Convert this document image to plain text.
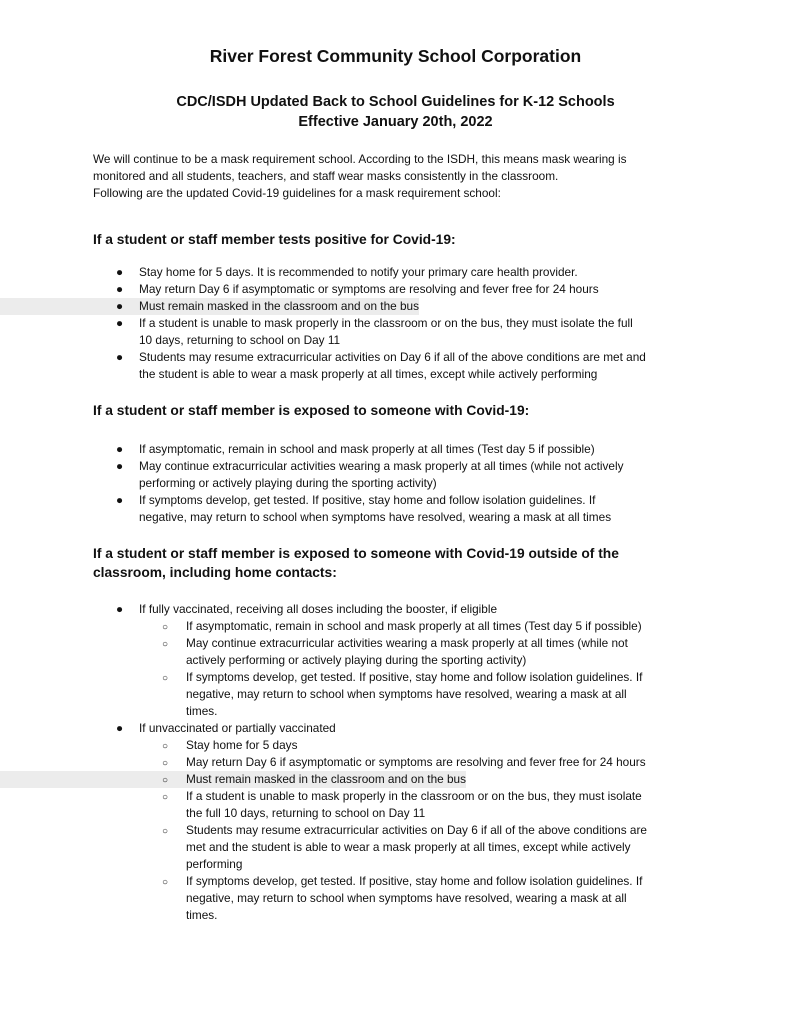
River Forest Community School Corporation
CDC/ISDH Updated Back to School Guidelines for K-12 Schools
Effective January 20th, 2022
We will continue to be a mask requirement school. According to the ISDH, this means mask wearing is
monitored and all students, teachers, and staff wear masks consistently in the classroom.
Following are the updated Covid-19 guidelines for a mask requirement school:
If a student or staff member tests positive for Covid-19:
● Stay home for 5 days. It is recommended to notify your primary care health provider.
● May return Day 6 if asymptomatic or symptoms are resolving and fever free for 24 hours
● Must remain masked in the classroom and on the bus
● If a student is unable to mask properly in the classroom or on the bus, they must isolate the full
10 days, returning to school on Day 11
● Students may resume extracurricular activities on Day 6 if all of the above conditions are met and
the student is able to wear a mask properly at all times, except while actively performing
If a student or staff member is exposed to someone with Covid-19:
● If asymptomatic, remain in school and mask properly at all times (Test day 5 if possible)
● May continue extracurricular activities wearing a mask properly at all times (while not actively
performing or actively playing during the sporting activity)
● If symptoms develop, get tested. If positive, stay home and follow isolation guidelines. If
negative, may return to school when symptoms have resolved, wearing a mask at all times
If a student or staff member is exposed to someone with Covid-19 outside of the
classroom, including home contacts:
● If fully vaccinated, receiving all doses including the booster, if eligible
○ If asymptomatic, remain in school and mask properly at all times (Test day 5 if possible)
○ May continue extracurricular activities wearing a mask properly at all times (while not
actively performing or actively playing during the sporting activity)
○ If symptoms develop, get tested. If positive, stay home and follow isolation guidelines. If
negative, may return to school when symptoms have resolved, wearing a mask at all
times.
● If unvaccinated or partially vaccinated
○ Stay home for 5 days
○ May return Day 6 if asymptomatic or symptoms are resolving and fever free for 24 hours
○ Must remain masked in the classroom and on the bus
○ If a student is unable to mask properly in the classroom or on the bus, they must isolate
the full 10 days, returning to school on Day 11
○ Students may resume extracurricular activities on Day 6 if all of the above conditions are
met and the student is able to wear a mask properly at all times, except while actively
performing
○ If symptoms develop, get tested. If positive, stay home and follow isolation guidelines. If
negative, may return to school when symptoms have resolved, wearing a mask at all
times.
